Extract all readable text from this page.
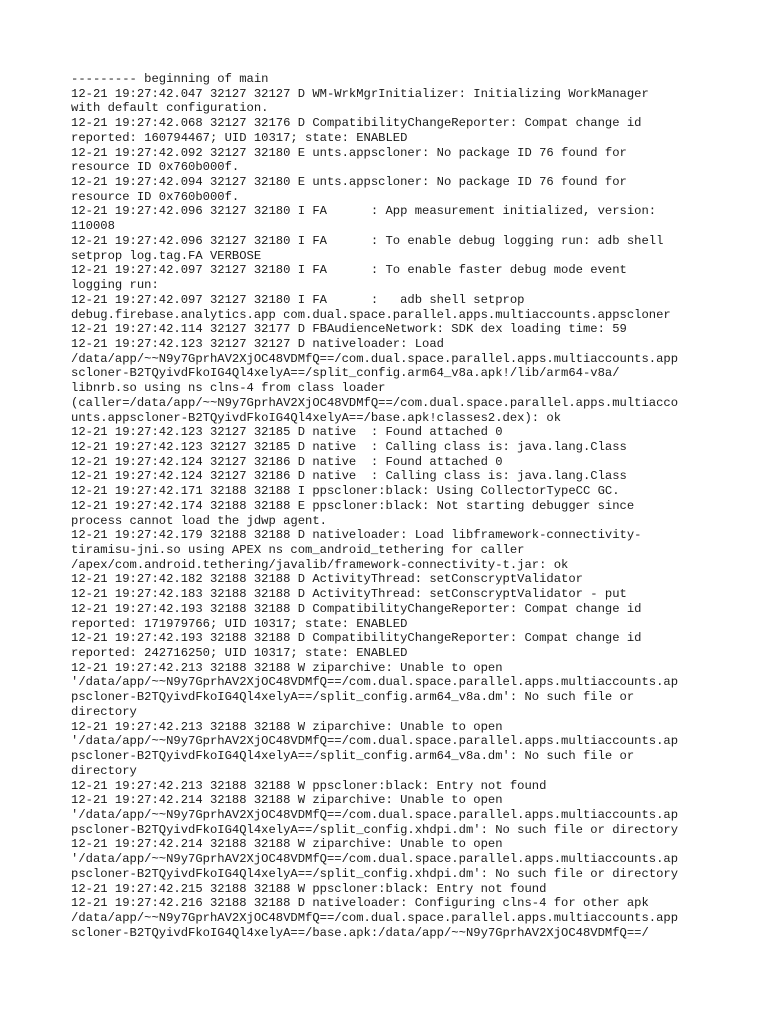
--------- beginning of main
12-21 19:27:42.047 32127 32127 D WM-WrkMgrInitializer: Initializing WorkManager
with default configuration.
12-21 19:27:42.068 32127 32176 D CompatibilityChangeReporter: Compat change id
reported: 160794467; UID 10317; state: ENABLED
12-21 19:27:42.092 32127 32180 E unts.appscloner: No package ID 76 found for
resource ID 0x760b000f.
12-21 19:27:42.094 32127 32180 E unts.appscloner: No package ID 76 found for
resource ID 0x760b000f.
12-21 19:27:42.096 32127 32180 I FA      : App measurement initialized, version:
110008
12-21 19:27:42.096 32127 32180 I FA      : To enable debug logging run: adb shell
setprop log.tag.FA VERBOSE
12-21 19:27:42.097 32127 32180 I FA      : To enable faster debug mode event
logging run:
12-21 19:27:42.097 32127 32180 I FA      :   adb shell setprop
debug.firebase.analytics.app com.dual.space.parallel.apps.multiaccounts.appscloner
12-21 19:27:42.114 32127 32177 D FBAudienceNetwork: SDK dex loading time: 59
12-21 19:27:42.123 32127 32127 D nativeloader: Load
/data/app/~~N9y7GprhAV2XjOC48VDMfQ==/com.dual.space.parallel.apps.multiaccounts.app
scloner-B2TQyivdFkoIG4Ql4xelyA==/split_config.arm64_v8a.apk!/lib/arm64-v8a/
libnrb.so using ns clns-4 from class loader
(caller=/data/app/~~N9y7GprhAV2XjOC48VDMfQ==/com.dual.space.parallel.apps.multiacco
unts.appscloner-B2TQyivdFkoIG4Ql4xelyA==/base.apk!classes2.dex): ok
12-21 19:27:42.123 32127 32185 D native  : Found attached 0
12-21 19:27:42.123 32127 32185 D native  : Calling class is: java.lang.Class
12-21 19:27:42.124 32127 32186 D native  : Found attached 0
12-21 19:27:42.124 32127 32186 D native  : Calling class is: java.lang.Class
12-21 19:27:42.171 32188 32188 I ppscloner:black: Using CollectorTypeCC GC.
12-21 19:27:42.174 32188 32188 E ppscloner:black: Not starting debugger since
process cannot load the jdwp agent.
12-21 19:27:42.179 32188 32188 D nativeloader: Load libframework-connectivity-
tiramisu-jni.so using APEX ns com_android_tethering for caller
/apex/com.android.tethering/javalib/framework-connectivity-t.jar: ok
12-21 19:27:42.182 32188 32188 D ActivityThread: setConscryptValidator
12-21 19:27:42.183 32188 32188 D ActivityThread: setConscryptValidator - put
12-21 19:27:42.193 32188 32188 D CompatibilityChangeReporter: Compat change id
reported: 171979766; UID 10317; state: ENABLED
12-21 19:27:42.193 32188 32188 D CompatibilityChangeReporter: Compat change id
reported: 242716250; UID 10317; state: ENABLED
12-21 19:27:42.213 32188 32188 W ziparchive: Unable to open
'/data/app/~~N9y7GprhAV2XjOC48VDMfQ==/com.dual.space.parallel.apps.multiaccounts.ap
pscloner-B2TQyivdFkoIG4Ql4xelyA==/split_config.arm64_v8a.dm': No such file or
directory
12-21 19:27:42.213 32188 32188 W ziparchive: Unable to open
'/data/app/~~N9y7GprhAV2XjOC48VDMfQ==/com.dual.space.parallel.apps.multiaccounts.ap
pscloner-B2TQyivdFkoIG4Ql4xelyA==/split_config.arm64_v8a.dm': No such file or
directory
12-21 19:27:42.213 32188 32188 W ppscloner:black: Entry not found
12-21 19:27:42.214 32188 32188 W ziparchive: Unable to open
'/data/app/~~N9y7GprhAV2XjOC48VDMfQ==/com.dual.space.parallel.apps.multiaccounts.ap
pscloner-B2TQyivdFkoIG4Ql4xelyA==/split_config.xhdpi.dm': No such file or directory
12-21 19:27:42.214 32188 32188 W ziparchive: Unable to open
'/data/app/~~N9y7GprhAV2XjOC48VDMfQ==/com.dual.space.parallel.apps.multiaccounts.ap
pscloner-B2TQyivdFkoIG4Ql4xelyA==/split_config.xhdpi.dm': No such file or directory
12-21 19:27:42.215 32188 32188 W ppscloner:black: Entry not found
12-21 19:27:42.216 32188 32188 D nativeloader: Configuring clns-4 for other apk
/data/app/~~N9y7GprhAV2XjOC48VDMfQ==/com.dual.space.parallel.apps.multiaccounts.app
scloner-B2TQyivdFkoIG4Ql4xelyA==/base.apk:/data/app/~~N9y7GprhAV2XjOC48VDMfQ==/
